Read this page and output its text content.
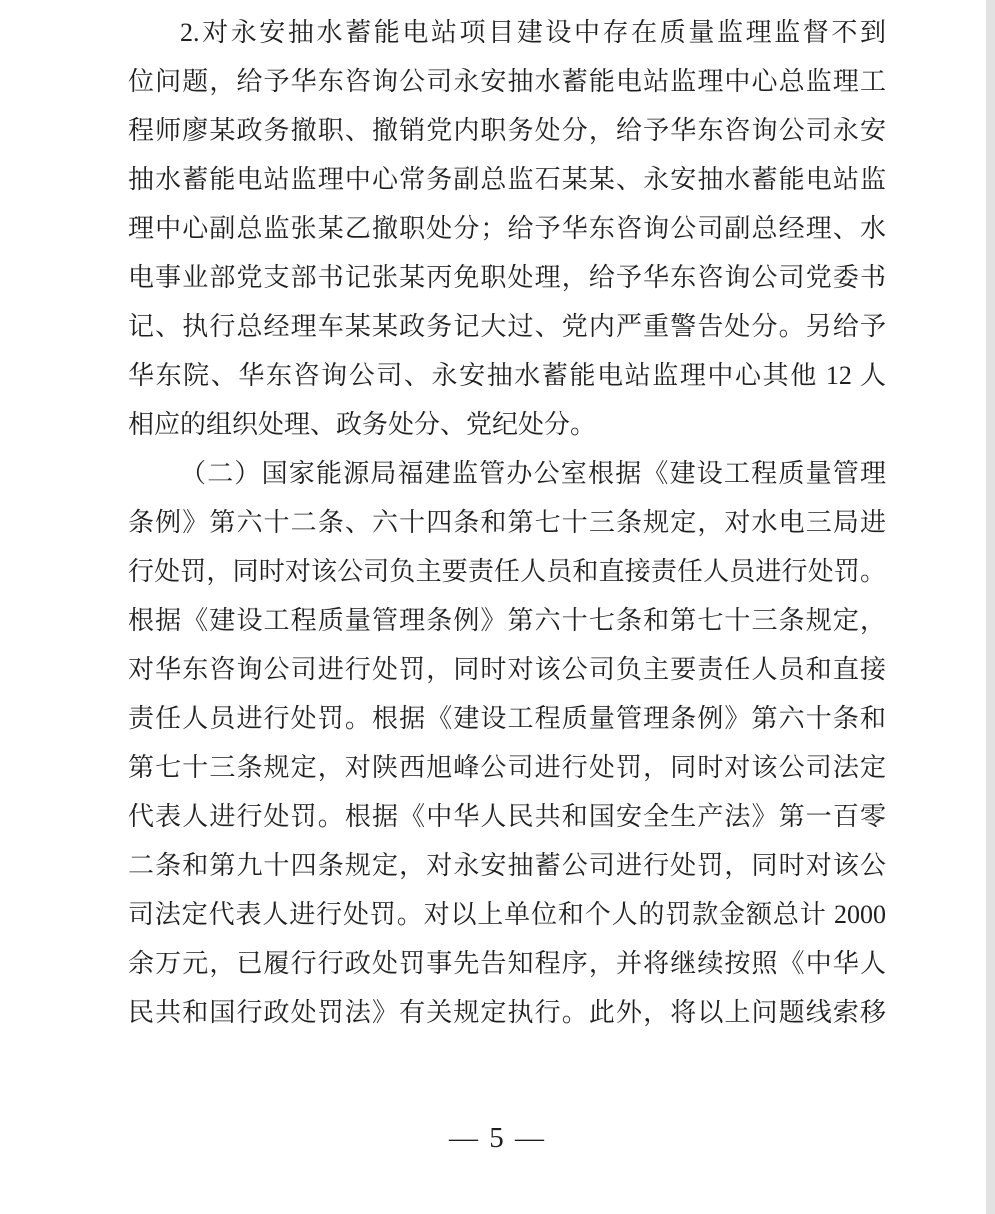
2.对永安抽水蓄能电站项目建设中存在质量监理监督不到
位问题，给予华东咨询公司永安抽水蓄能电站监理中心总监理工
程师廖某政务撤职、撤销党内职务处分，给予华东咨询公司永安
抽水蓄能电站监理中心常务副总监石某某、永安抽水蓄能电站监
理中心副总监张某乙撤职处分；给予华东咨询公司副总经理、水
电事业部党支部书记张某丙免职处理，给予华东咨询公司党委书
记、执行总经理车某某政务记大过、党内严重警告处分。另给予
华东院、华东咨询公司、永安抽水蓄能电站监理中心其他 12 人
相应的组织处理、政务处分、党纪处分。
（二）国家能源局福建监管办公室根据《建设工程质量管理
条例》第六十二条、六十四条和第七十三条规定，对水电三局进
行处罚，同时对该公司负主要责任人员和直接责任人员进行处罚。
根据《建设工程质量管理条例》第六十七条和第七十三条规定，
对华东咨询公司进行处罚，同时对该公司负主要责任人员和直接
责任人员进行处罚。根据《建设工程质量管理条例》第六十条和
第七十三条规定，对陕西旭峰公司进行处罚，同时对该公司法定
代表人进行处罚。根据《中华人民共和国安全生产法》第一百零
二条和第九十四条规定，对永安抽蓄公司进行处罚，同时对该公
司法定代表人进行处罚。对以上单位和个人的罚款金额总计 2000
余万元，已履行行政处罚事先告知程序，并将继续按照《中华人
民共和国行政处罚法》有关规定执行。此外，将以上问题线索移
— 5 —
